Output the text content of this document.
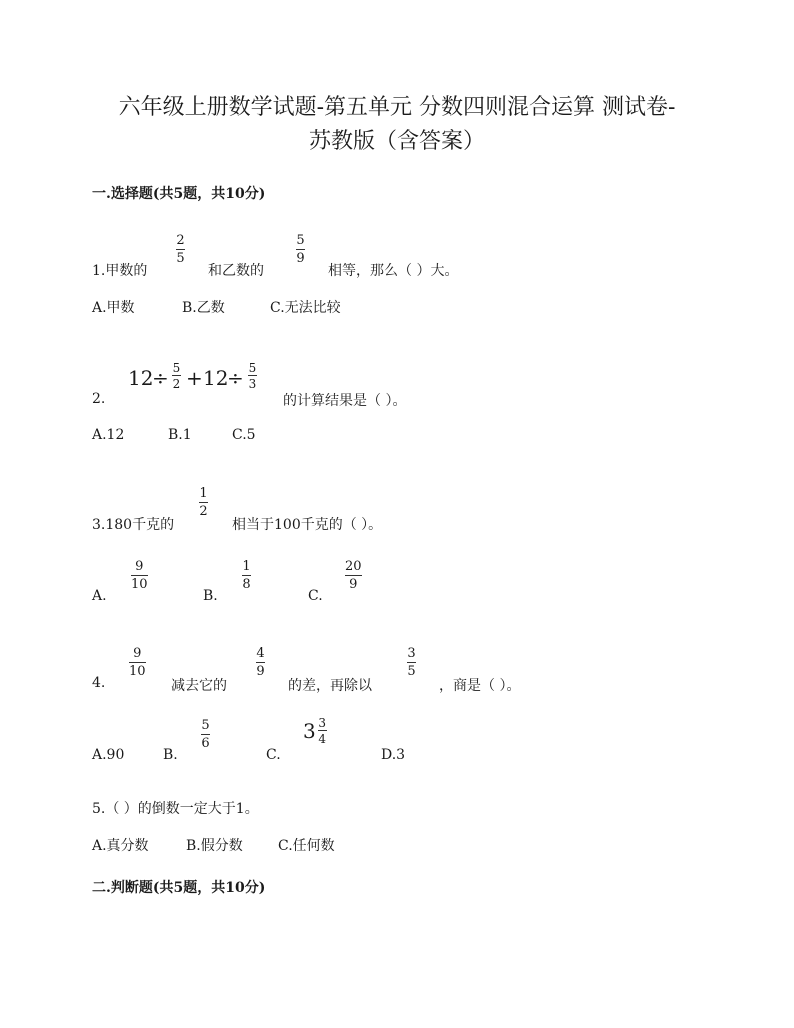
六年级上册数学试题-第五单元 分数四则混合运算 测试卷-
苏教版（含答案）
一.选择题(共5题，共10分)
1.甲数的
2
5
和乙数的
5
9
相等，那么（ ）大。
A.甲数	B.乙数	C.无法比较
2.
12
÷ 5
2 + 12
÷ 5
3
的计算结果是（ ）。
A.12	B.1	C.5
3.180千克的
1
2
相当于100千克的（ ）。
A.
9
10
B.
1
8
C.
20
9
4.
9
10
减去它的
4
9
的差，再除以
3
5
，商是（ ）。
A.90	B.
5
6
C.
$3 \frac{3}{4}$
D.3
5.（ ）的倒数一定大于1。
A.真分数	B.假分数	C.任何数
二.判断题(共5题，共10分)
